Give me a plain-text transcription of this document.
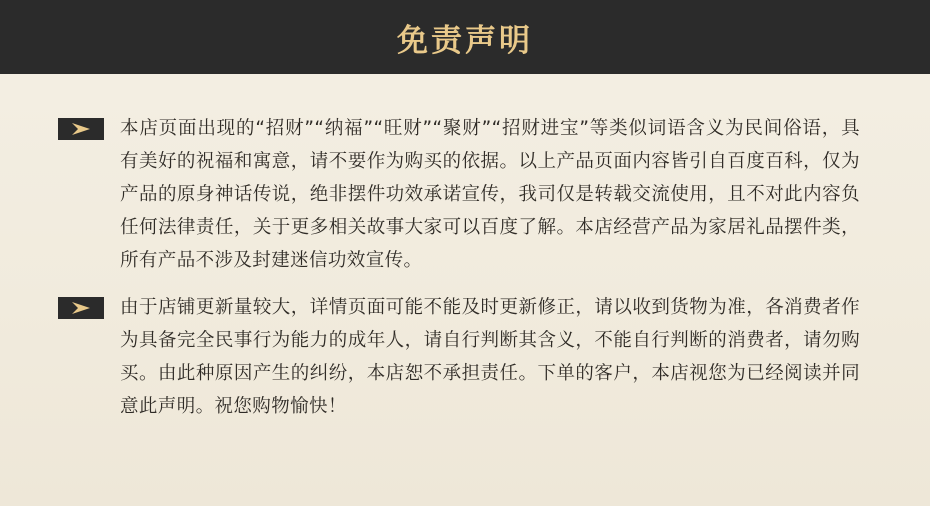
免责声明
本店页面出现的“招财”“纳福”“旺财”“聚财”“招财进宝”等类似词语含义为民间俗语，具有美好的祝福和寓意，请不要作为购买的依据。以上产品页面内容皆引自百度百科，仅为产品的原身神话传说，绝非摆件功效承诺宣传，我司仅是转载交流使用，且不对此内容负任何法律责任，关于更多相关故事大家可以百度了解。本店经营产品为家居礼品摆件类，所有产品不涉及封建迷信功效宣传。
由于店铺更新量较大，详情页面可能不能及时更新修正，请以收到货物为准，各消费者作为具备完全民事行为能力的成年人，请自行判断其含义，不能自行判断的消费者，请勿购买。由此种原因产生的纠纷，本店恕不承担责任。下单的客户，本店视您为已经阅读并同意此声明。祝您购物愉快！
